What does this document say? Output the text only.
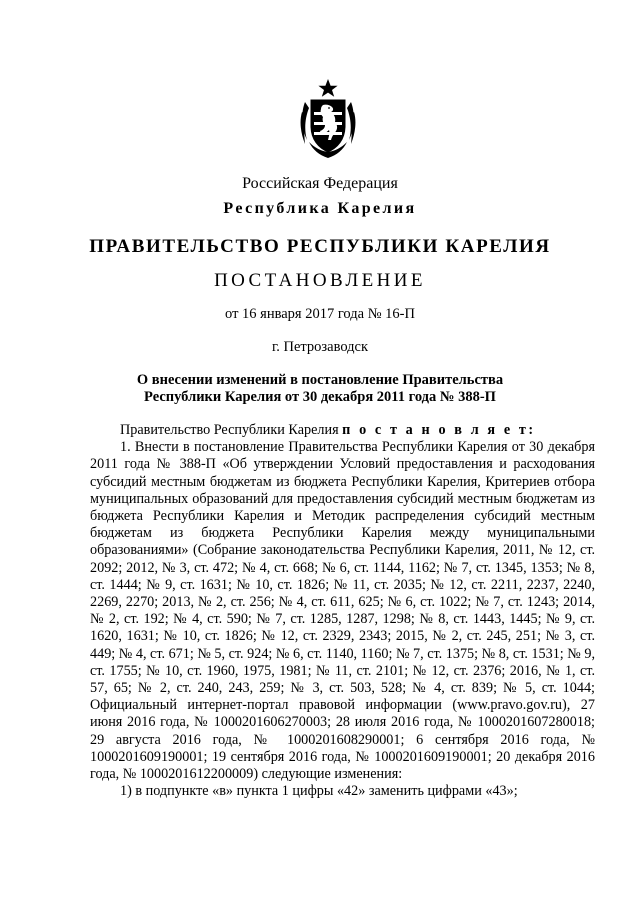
Российская Федерация
Республика Карелия
ПРАВИТЕЛЬСТВО РЕСПУБЛИКИ КАРЕЛИЯ
ПОСТАНОВЛЕНИЕ
от 16 января 2017 года № 16-П
г. Петрозаводск
О внесении изменений в постановление Правительства
Республики Карелия от 30 декабря 2011 года № 388-П

Правительство Республики Карелия п о с т а н о в л я е т:

1. Внести в постановление Правительства Республики Карелия от 30 декабря 2011 года № 388-П «Об утверждении Условий предоставления и расходования субсидий местным бюджетам из бюджета Республики Карелия, Критериев отбора муниципальных образований для предоставления субсидий местным бюджетам из бюджета Республики Карелия и Методик распределения субсидий местным бюджетам из бюджета Республики Карелия между муниципальными образованиями» (Собрание законодательства Республики Карелия, 2011, № 12, ст. 2092; 2012, № 3, ст. 472; № 4, ст. 668; № 6, ст. 1144, 1162; № 7, ст. 1345, 1353; № 8, ст. 1444; № 9, ст. 1631; № 10, ст. 1826; № 11, ст. 2035; № 12, ст. 2211, 2237, 2240, 2269, 2270; 2013, № 2, ст. 256; № 4, ст. 611, 625; № 6, ст. 1022; № 7, ст. 1243; 2014, № 2, ст. 192; № 4, ст. 590; № 7, ст. 1285, 1287, 1298; № 8, ст. 1443, 1445; № 9, ст. 1620, 1631; № 10, ст. 1826; № 12, ст. 2329, 2343; 2015, № 2, ст. 245, 251; № 3, ст. 449; № 4, ст. 671; № 5, ст. 924; № 6, ст. 1140, 1160; № 7, ст. 1375; № 8, ст. 1531; № 9, ст. 1755; № 10, ст. 1960, 1975, 1981; № 11, ст. 2101; № 12, ст. 2376; 2016, № 1, ст. 57, 65; № 2, ст. 240, 243, 259; № 3, ст. 503, 528; № 4, ст. 839; № 5, ст. 1044; Официальный интернет-портал правовой информации (www.pravo.gov.ru), 27 июня 2016 года, № 1000201606270003; 28 июля 2016 года, № 1000201607280018; 29 августа 2016 года, № 1000201608290001; 6 сентября 2016 года, № 1000201609190001; 19 сентября 2016 года, № 1000201609190001; 20 декабря 2016 года, № 1000201612200009) следующие изменения:

1) в подпункте «в» пункта 1 цифры «42» заменить цифрами «43»;
